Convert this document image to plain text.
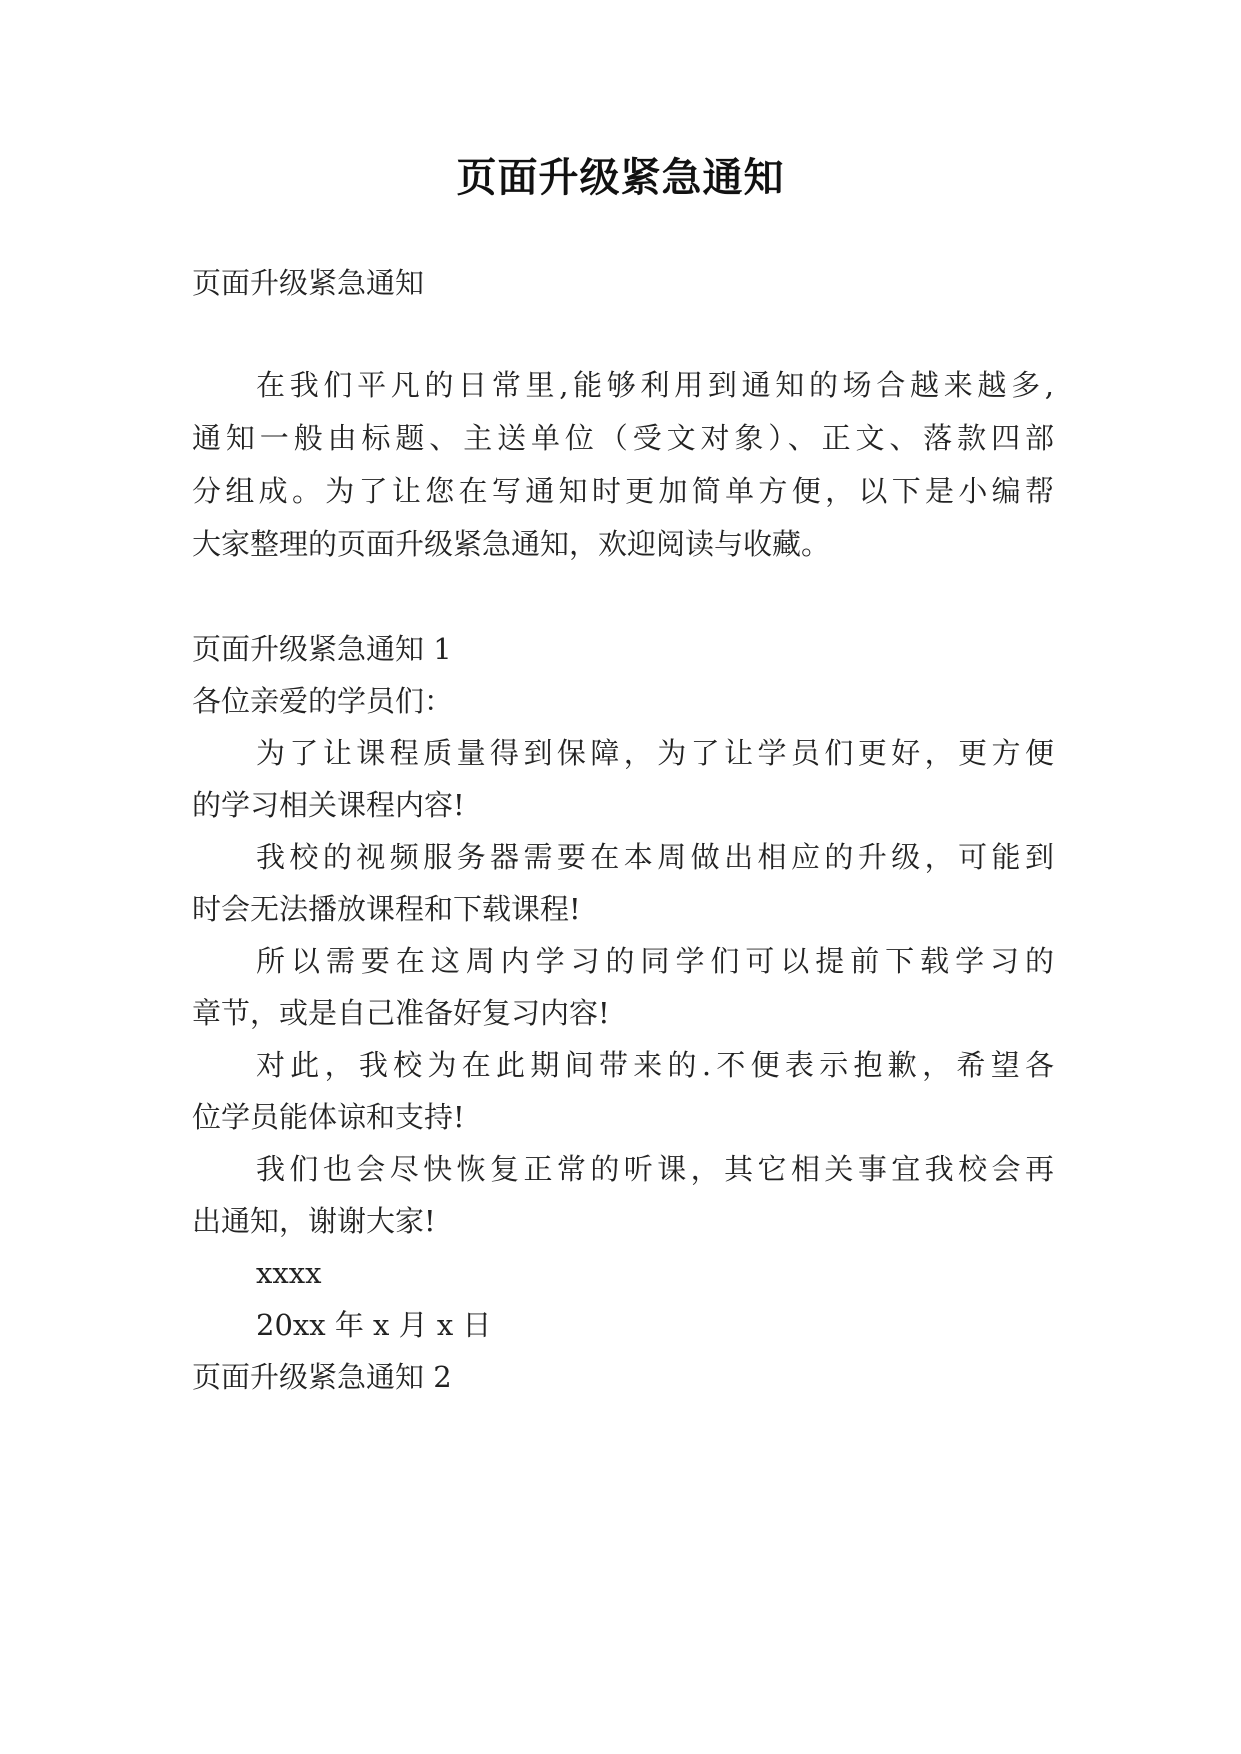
页面升级紧急通知
页面升级紧急通知
在我们平凡的日常里,能够利用到通知的场合越来越多,
通知一般由标题、主送单位（受文对象）、正文、落款四部
分组成。为了让您在写通知时更加简单方便，以下是小编帮
大家整理的页面升级紧急通知，欢迎阅读与收藏。
页面升级紧急通知 1
各位亲爱的学员们：
为了让课程质量得到保障，为了让学员们更好，更方便
的学习相关课程内容!
我校的视频服务器需要在本周做出相应的升级，可能到
时会无法播放课程和下载课程!
所以需要在这周内学习的同学们可以提前下载学习的
章节，或是自己准备好复习内容!
对此，我校为在此期间带来的.不便表示抱歉，希望各
位学员能体谅和支持!
我们也会尽快恢复正常的听课，其它相关事宜我校会再
出通知，谢谢大家!
xxxx
20xx 年 x 月 x 日
页面升级紧急通知 2
